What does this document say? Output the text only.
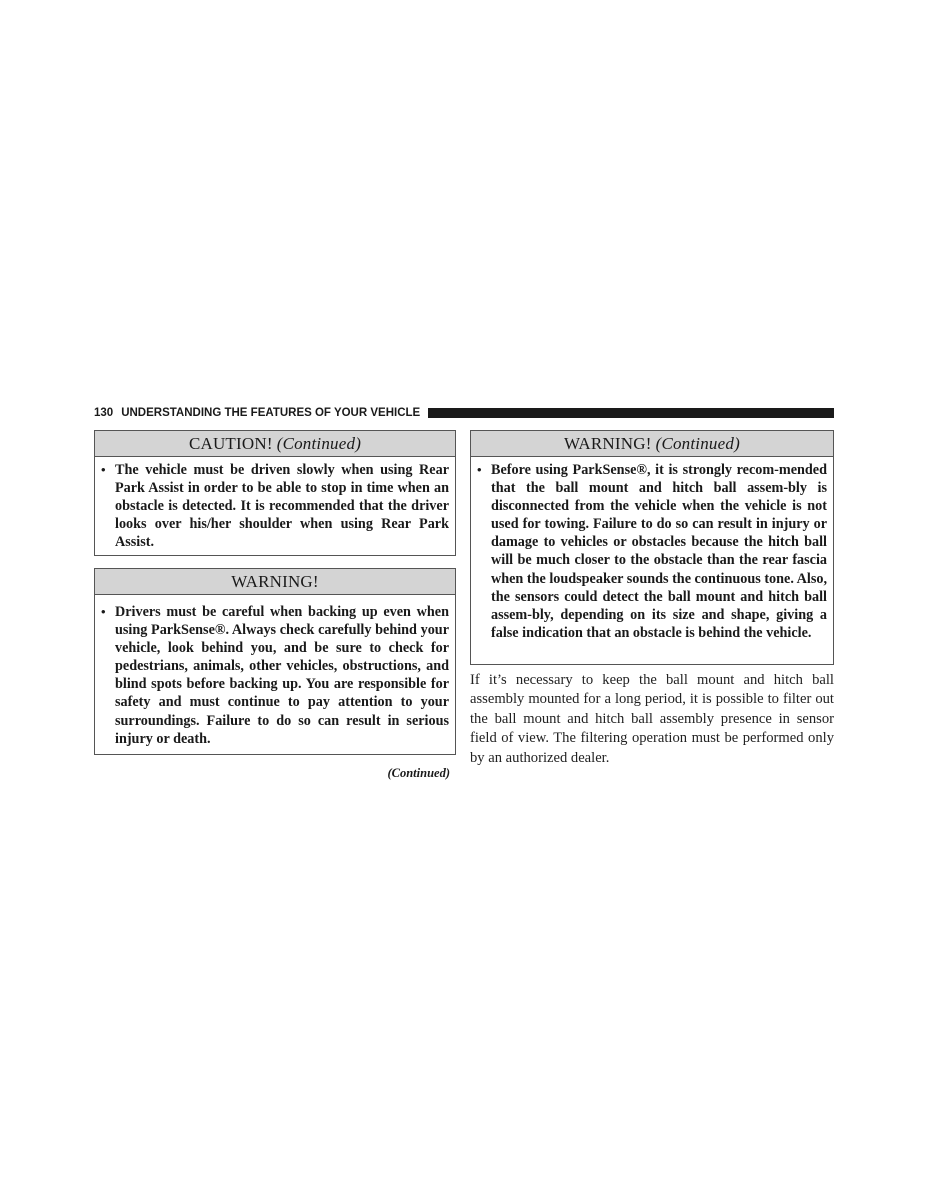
130 UNDERSTANDING THE FEATURES OF YOUR VEHICLE
CAUTION! (Continued)
• The vehicle must be driven slowly when using Rear Park Assist in order to be able to stop in time when an obstacle is detected. It is recommended that the driver looks over his/her shoulder when using Rear Park Assist.
WARNING!
• Drivers must be careful when backing up even when using ParkSense®. Always check carefully behind your vehicle, look behind you, and be sure to check for pedestrians, animals, other vehicles, obstructions, and blind spots before backing up. You are responsible for safety and must continue to pay attention to your surroundings. Failure to do so can result in serious injury or death.
(Continued)
WARNING! (Continued)
• Before using ParkSense®, it is strongly recom-mended that the ball mount and hitch ball assem-bly is disconnected from the vehicle when the vehicle is not used for towing. Failure to do so can result in injury or damage to vehicles or obstacles because the hitch ball will be much closer to the obstacle than the rear fascia when the loudspeaker sounds the continuous tone. Also, the sensors could detect the ball mount and hitch ball assem-bly, depending on its size and shape, giving a false indication that an obstacle is behind the vehicle.
If it’s necessary to keep the ball mount and hitch ball assembly mounted for a long period, it is possible to filter out the ball mount and hitch ball assembly presence in sensor field of view. The filtering operation must be performed only by an authorized dealer.
